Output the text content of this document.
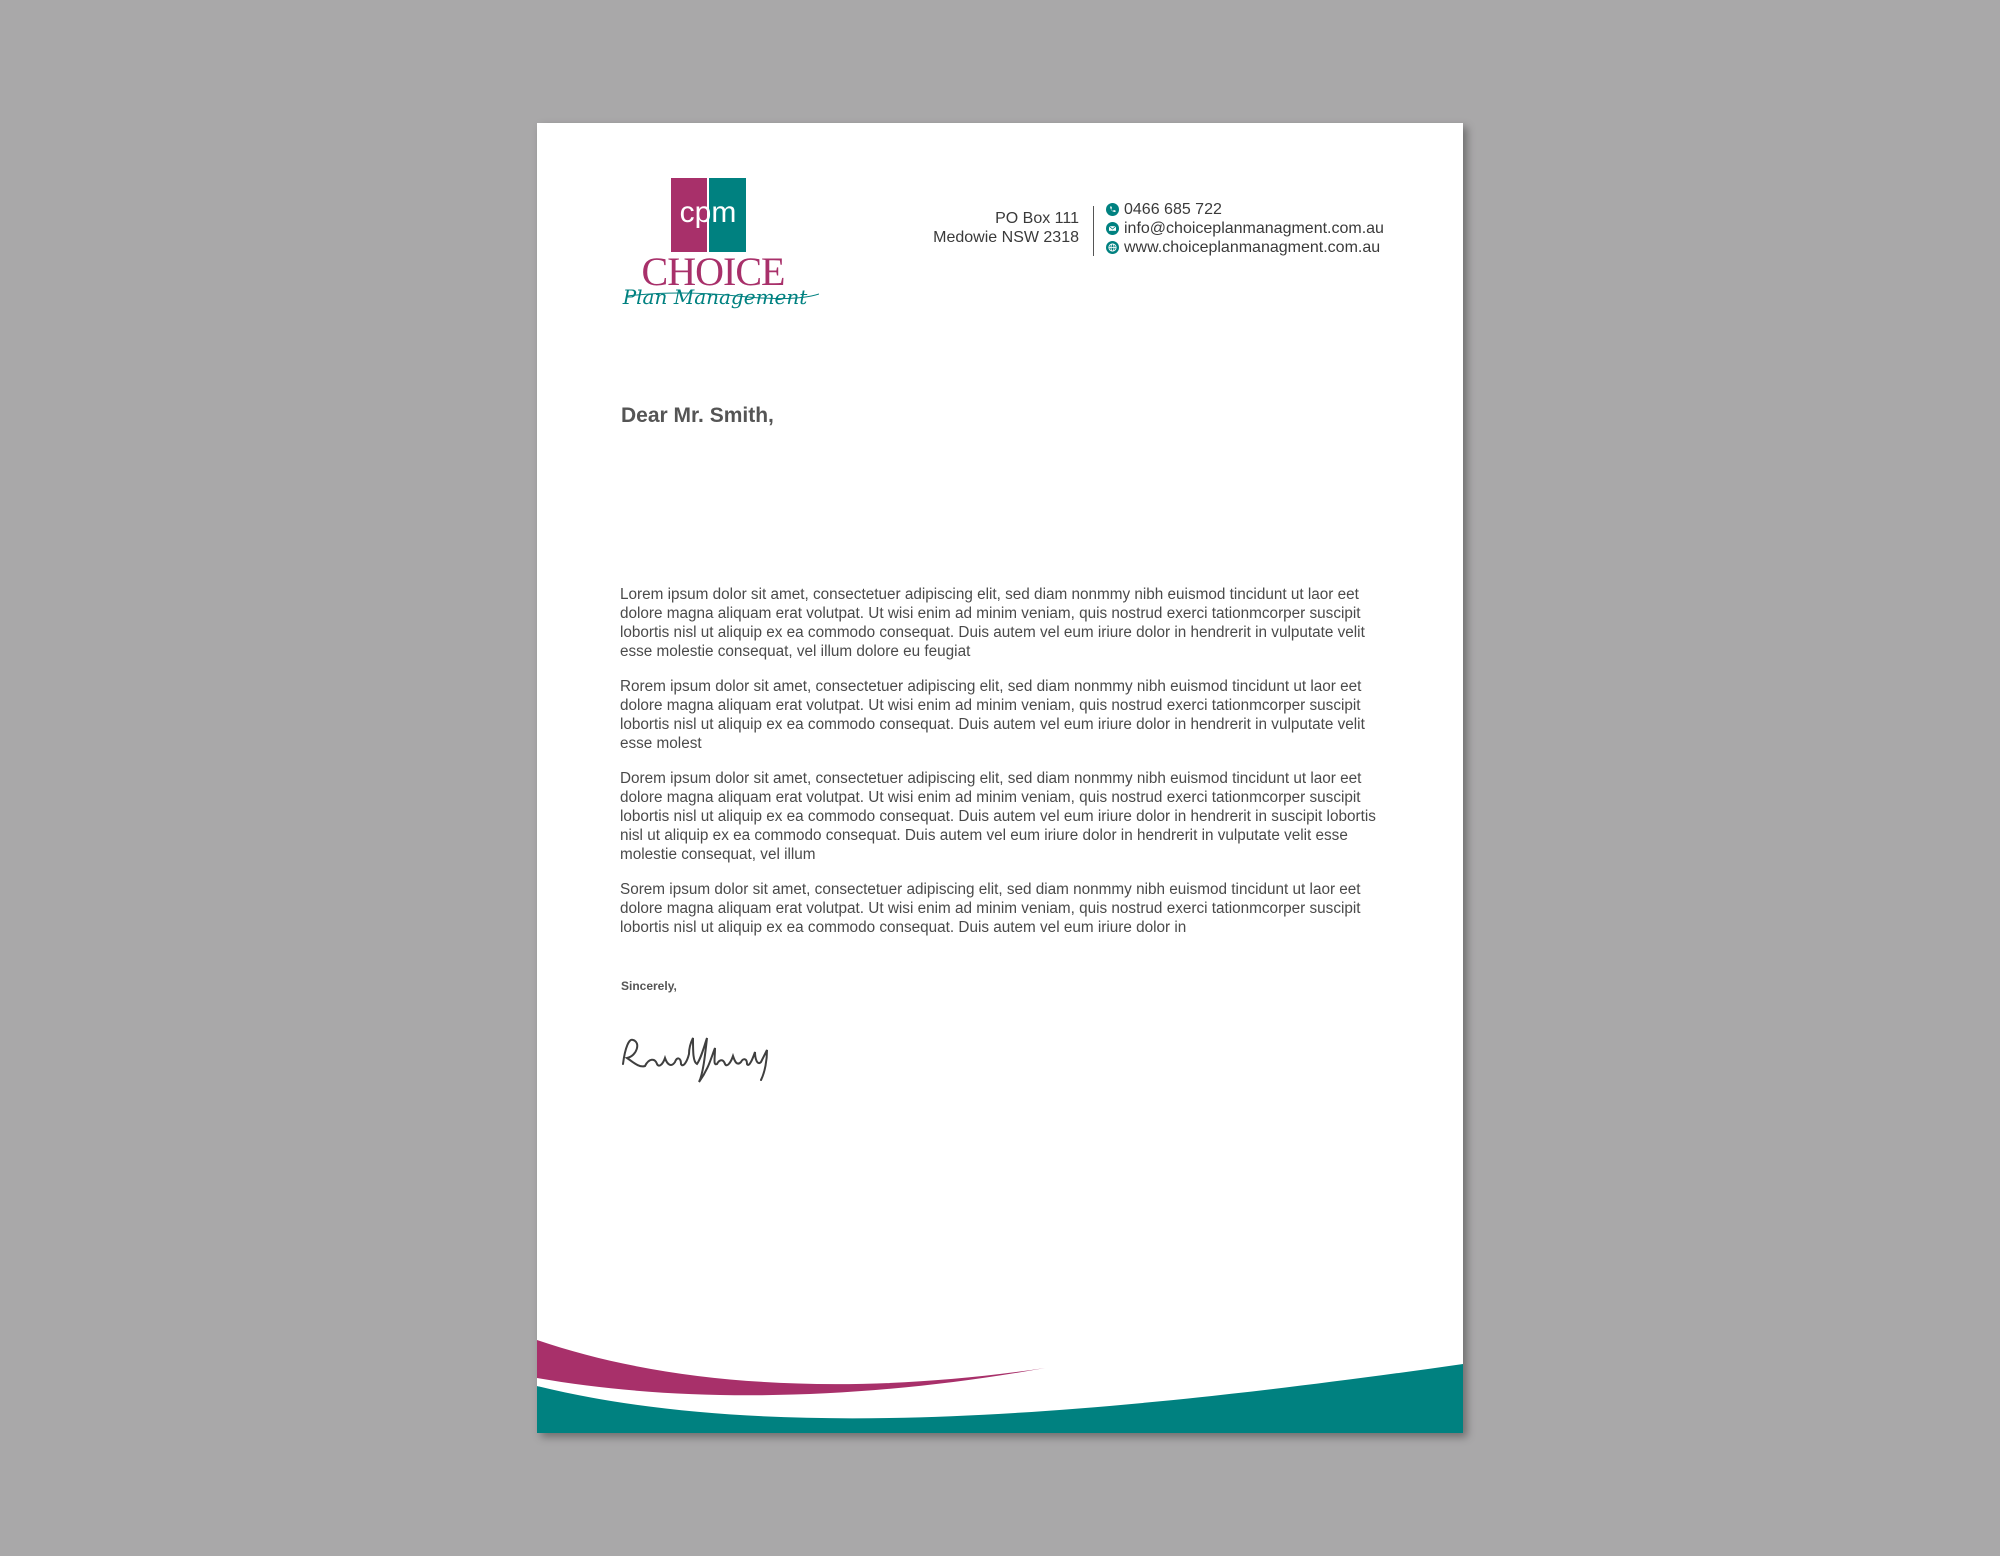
cpm
CHOICE
Plan Management
PO Box 111
Medowie NSW 2318
0466 685 722
info@choiceplanmanagment.com.au
www.choiceplanmanagment.com.au
Dear Mr. Smith,

Lorem ipsum dolor sit amet, consectetuer adipiscing elit, sed diam nonmmy nibh euismod tincidunt ut laor eet dolore magna aliquam erat volutpat. Ut wisi enim ad minim veniam, quis nostrud exerci tationmcorper suscipit lobortis nisl ut aliquip ex ea commodo consequat. Duis autem vel eum iriure dolor in hendrerit in vulputate velit esse molestie consequat, vel illum dolore eu feugiat

Rorem ipsum dolor sit amet, consectetuer adipiscing elit, sed diam nonmmy nibh euismod tincidunt ut laor eet dolore magna aliquam erat volutpat. Ut wisi enim ad minim veniam, quis nostrud exerci tationmcorper suscipit lobortis nisl ut aliquip ex ea commodo consequat. Duis autem vel eum iriure dolor in hendrerit in vulputate velit esse molest

Dorem ipsum dolor sit amet, consectetuer adipiscing elit, sed diam nonmmy nibh euismod tincidunt ut laor eet dolore magna aliquam erat volutpat. Ut wisi enim ad minim veniam, quis nostrud exerci tationmcorper suscipit lobortis nisl ut aliquip ex ea commodo consequat. Duis autem vel eum iriure dolor in hendrerit in suscipit lobortis nisl ut aliquip ex ea commodo consequat. Duis autem vel eum iriure dolor in hendrerit in vulputate velit esse molestie consequat, vel illum

Sorem ipsum dolor sit amet, consectetuer adipiscing elit, sed diam nonmmy nibh euismod tincidunt ut laor eet dolore magna aliquam erat volutpat. Ut wisi enim ad minim veniam, quis nostrud exerci tationmcorper suscipit lobortis nisl ut aliquip ex ea commodo consequat. Duis autem vel eum iriure dolor in

Sincerely,
